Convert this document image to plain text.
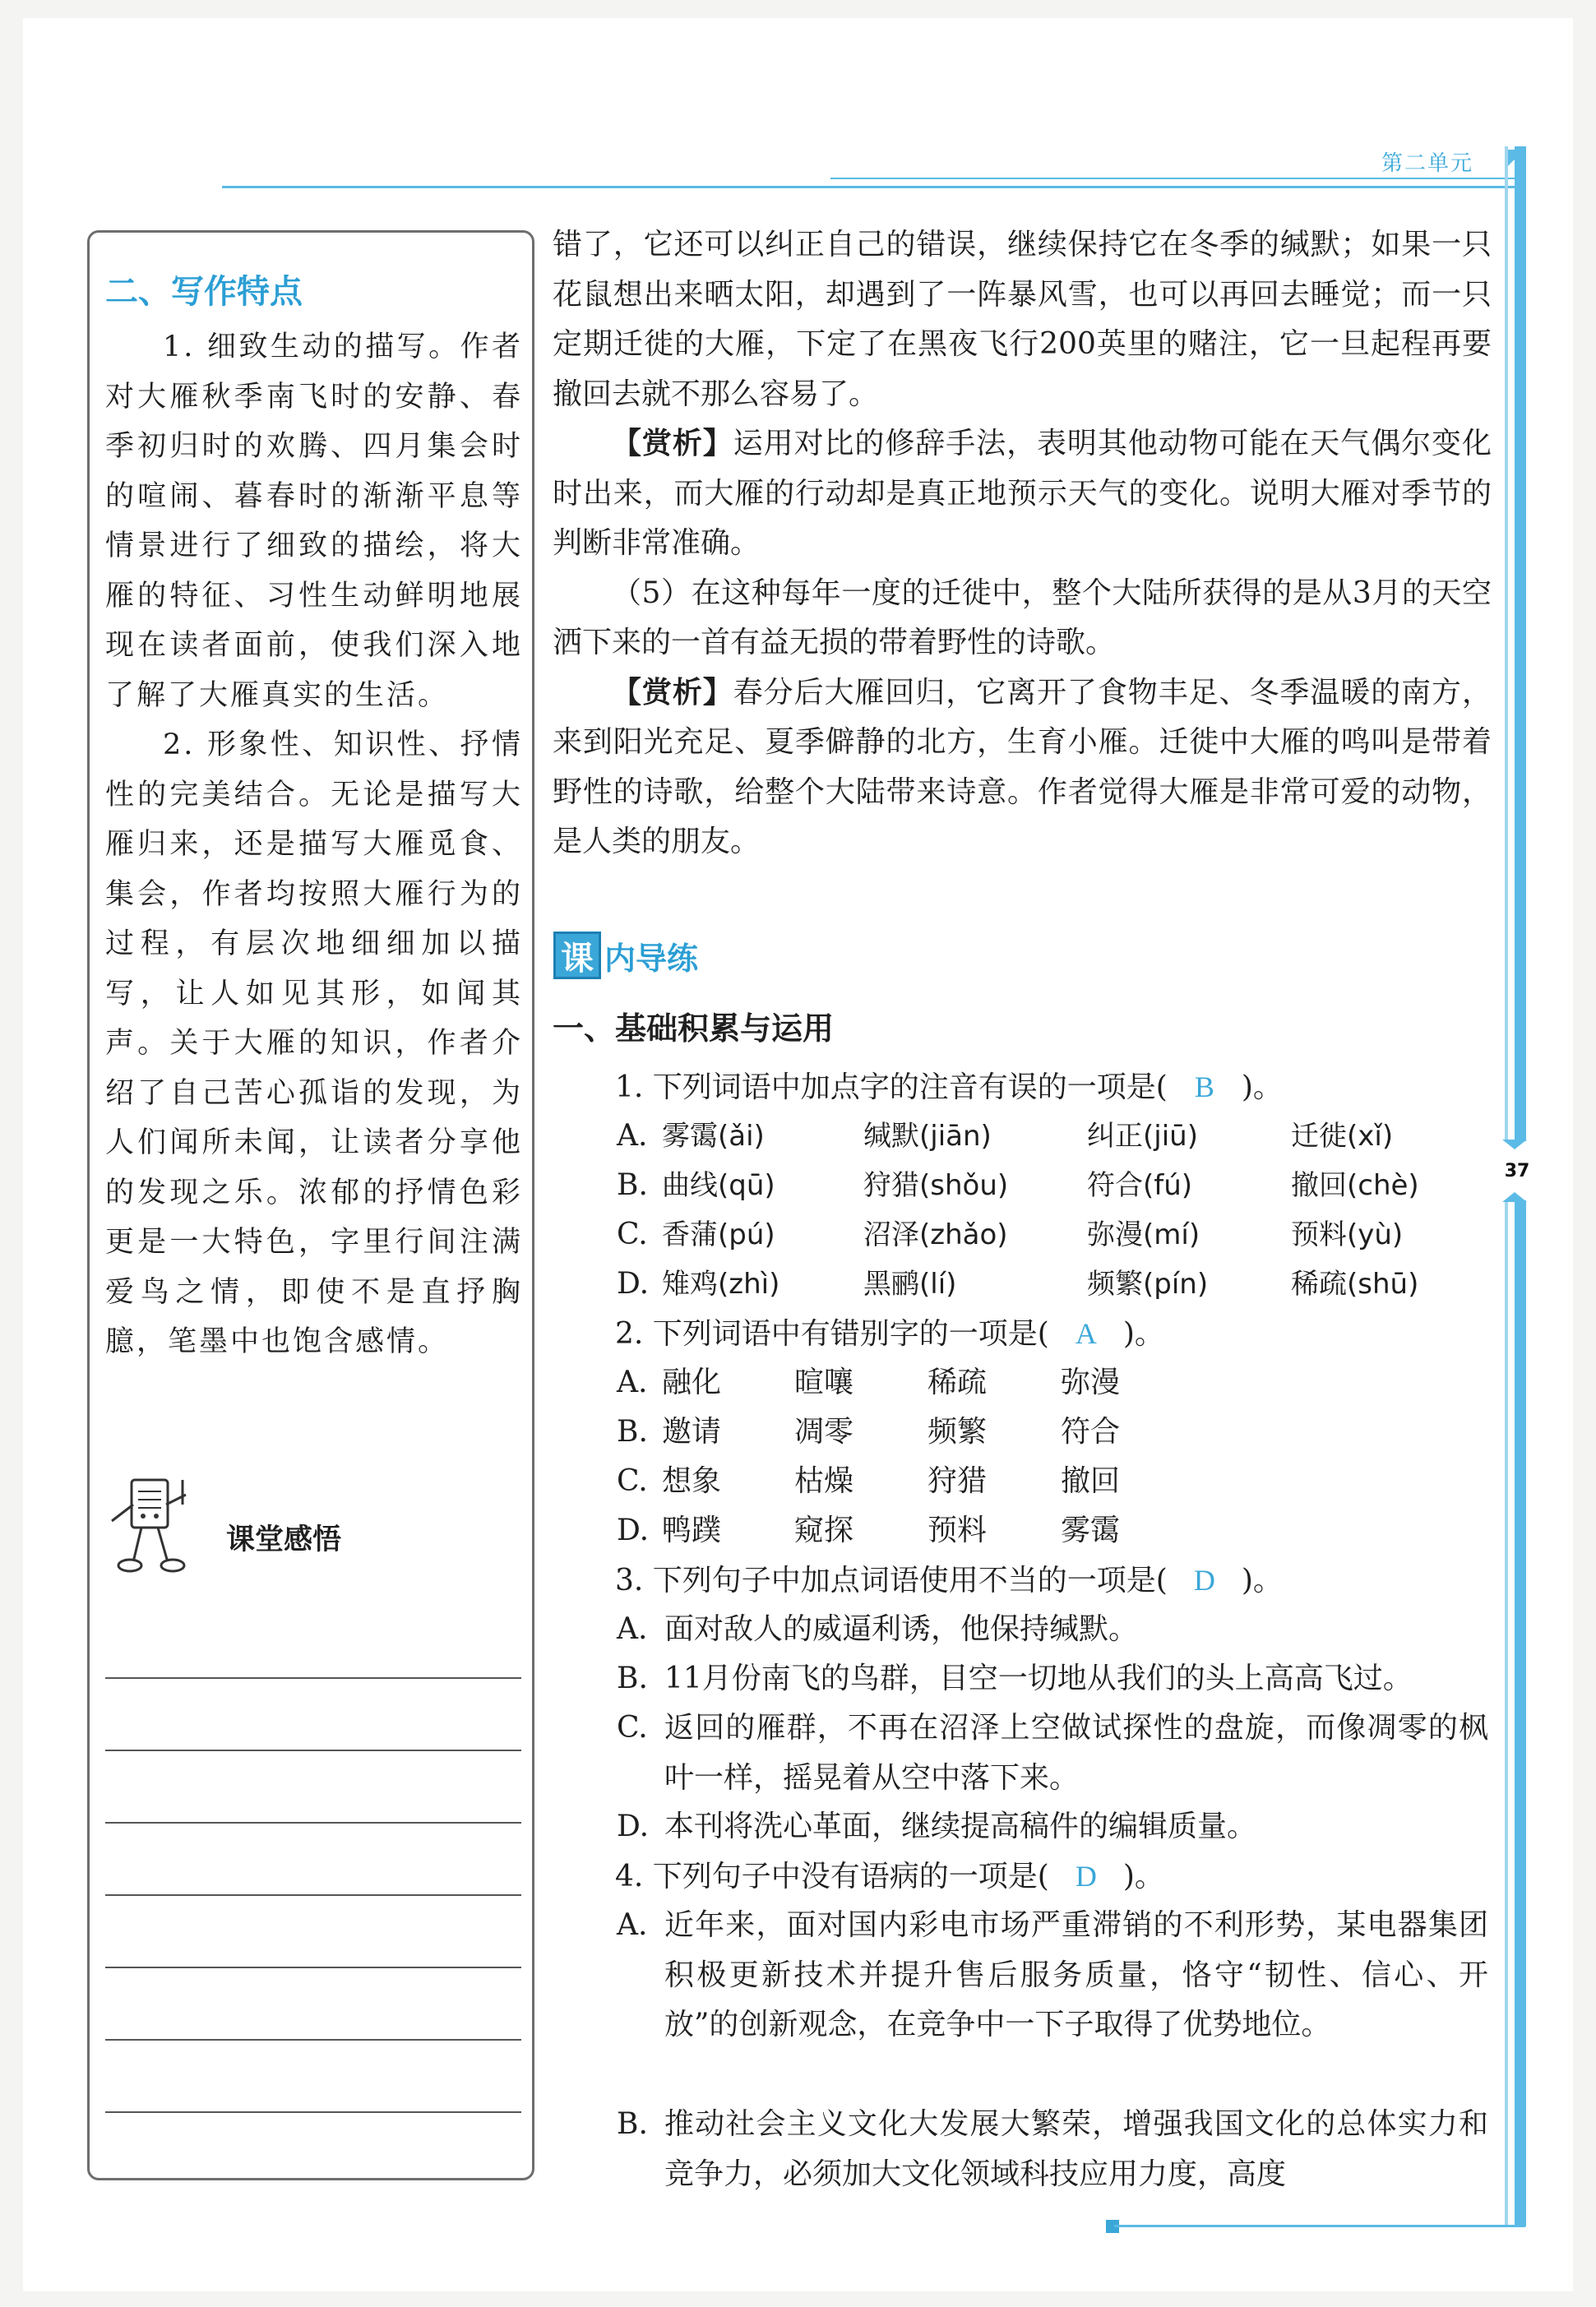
第二单元
37
二、写作特点

1. 细致生动的描写。作者对大雁秋季南飞时的安静、春季初归时的欢腾、四月集会时的喧闹、暮春时的渐渐平息等情景进行了细致的描绘，将大雁的特征、习性生动鲜明地展现在读者面前，使我们深入地了解了大雁真实的生活。

2. 形象性、知识性、抒情性的完美结合。无论是描写大雁归来，还是描写大雁觅食、集会，作者均按照大雁行为的过程，有层次地细细加以描写，让人如见其形，如闻其声。关于大雁的知识，作者介绍了自己苦心孤诣的发现，为人们闻所未闻，让读者分享他的发现之乐。浓郁的抒情色彩更是一大特色，字里行间注满爱鸟之情，即使不是直抒胸臆，笔墨中也饱含感情。

课堂感悟

错了，它还可以纠正自己的错误，继续保持它在冬季的缄默；如果一只花鼠想出来晒太阳，却遇到了一阵暴风雪，也可以再回去睡觉；而一只定期迁徙的大雁，下定了在黑夜飞行200英里的赌注，它一旦起程再要撤回去就不那么容易了。

【赏析】运用对比的修辞手法，表明其他动物可能在天气偶尔变化时出来，而大雁的行动却是真正地预示天气的变化。说明大雁对季节的判断非常准确。

（5）在这种每年一度的迁徙中，整个大陆所获得的是从3月的天空洒下来的一首有益无损的带着野性的诗歌。

【赏析】春分后大雁回归，它离开了食物丰足、冬季温暖的南方，来到阳光充足、夏季僻静的北方，生育小雁。迁徙中大雁的鸣叫是带着野性的诗歌，给整个大陆带来诗意。作者觉得大雁是非常可爱的动物，是人类的朋友。

课 内导练
一、基础积累与运用
1. 下列词语中加点字的注音有误的一项是( B )。
A. 雾霭(ǎi)	缄默(jiān)	纠正(jiū)	迁徙(xǐ)
B. 曲线(qū)	狩猎(shǒu)	符合(fú)	撤回(chè)
C. 香蒲(pú)	沼泽(zhǎo)	弥漫(mí)	预料(yù)
D. 雉鸡(zhì)	黑鹂(lí)	频繁(pín)	稀疏(shū)
2. 下列词语中有错别字的一项是( A )。
A. 融化 暄嚷 稀疏 弥漫
B. 邀请 凋零 频繁 符合
C. 想象 枯燥 狩猎 撤回
D. 鸭蹼 窥探 预料 雾霭
3. 下列句子中加点词语使用不当的一项是( D )。
A. 面对敌人的威逼利诱，他保持缄默。
B. 11月份南飞的鸟群，目空一切地从我们的头上高高飞过。
C. 返回的雁群，不再在沼泽上空做试探性的盘旋，而像凋零的枫叶一样，摇晃着从空中落下来。
D. 本刊将洗心革面，继续提高稿件的编辑质量。
4. 下列句子中没有语病的一项是( D )。
A. 近年来，面对国内彩电市场严重滞销的不利形势，某电器集团积极更新技术并提升售后服务质量，恪守“韧性、信心、开放”的创新观念，在竞争中一下子取得了优势地位。
B. 推动社会主义文化大发展大繁荣，增强我国文化的总体实力和竞争力，必须加大文化领域科技应用力度，高度
